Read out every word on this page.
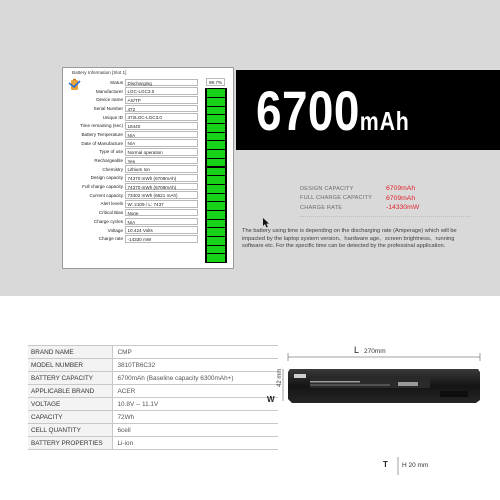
Battery Information [Slot 1]
Status Discharging
Manufacturer LGC-LGC3.0
Device name AS/TP
Serial Number 472
Unique ID 472LGC-LGC3.0
Time remaining (sec) 18440
Battery Temperature N/A
Date of Manufacture N/A
Type of use Normal operation
Rechargeable Yes
Chemistry Lithium Ion
Design capacity 74370 mWh (6709mAh)
Full charge capacity 74370 mWh (6709mAh)
Current capacity 73402 mWh (6621 mAh)
Alert levels W: 2109 / L: 7437
Critical Bias None
Charge cycles N/A
Voltage 10.424 Volts
Charge rate -14330 mW
98.7% 6700mAh
DESIGN CAPACITY	6709mAh
FULL CHARGE CAPACITY	6709mAh
CHARGE RATE	-14330mW
The battery using time is depending on the discharging rate (Amperage) which will be impacted by the laptop system version、hardware age、screen brightness、running software etc. For the specific time can be detected by the professinal application.
BRAND NAME	CMP
MODEL NUMBER	3810TB6C32
BATTERY CAPACITY	6700mAh (Baseline capacity 6300mAh+)
APPLICABLE BRAND	ACER
VOLTAGE	10.8V -- 11.1V
CAPACITY	72Wh
CELL QUANTITY	6cell
BATTERY PROPERTIES	Li-ion
L 270mm
42 mm
W
T H 20 mm
